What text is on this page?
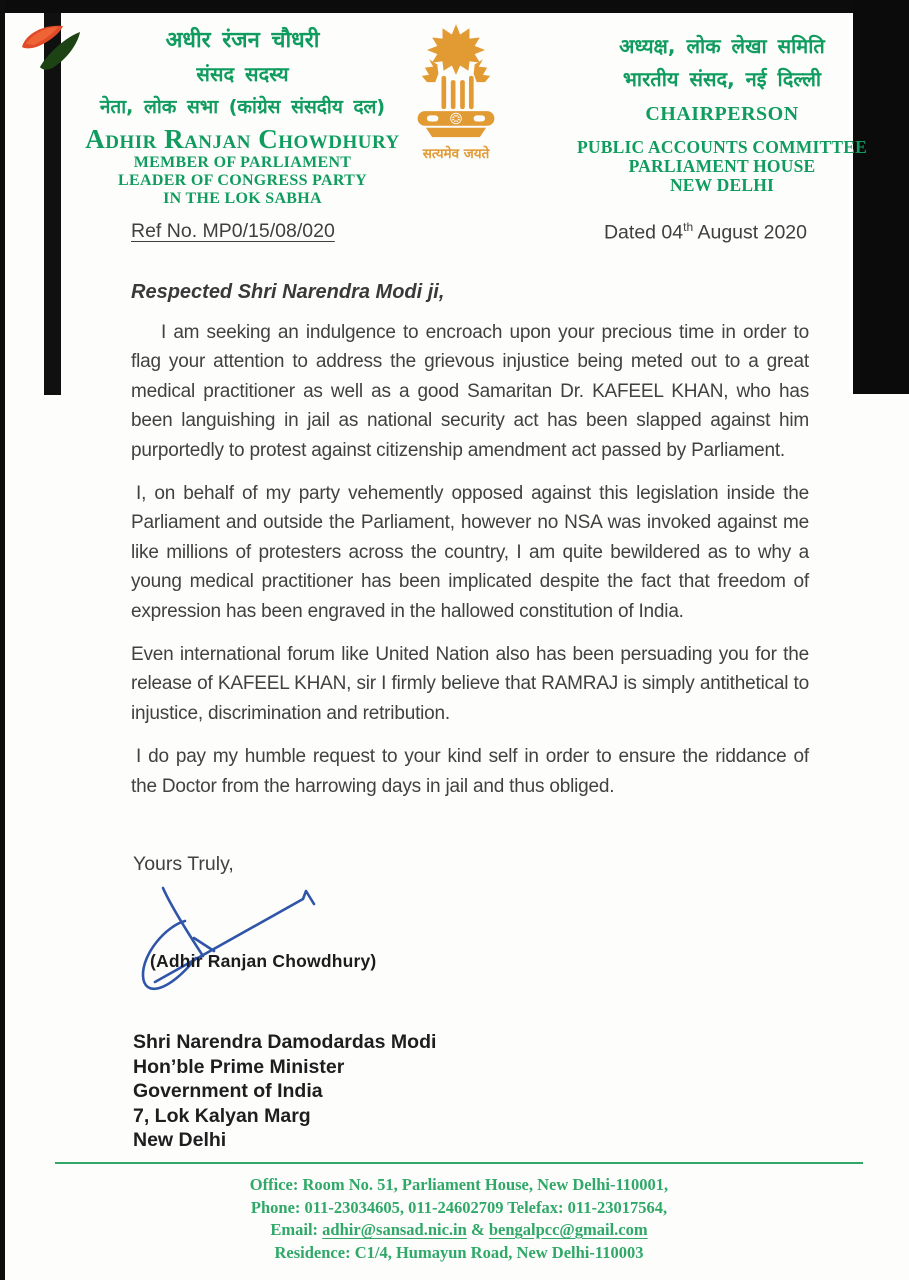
अधीर रंजन चौधरी
संसद सदस्य
नेता, लोक सभा (कांग्रेस संसदीय दल)
Adhir Ranjan Chowdhury
MEMBER OF PARLIAMENT
LEADER OF CONGRESS PARTY
IN THE LOK SABHA
सत्यमेव जयते
अध्यक्ष, लोक लेखा समिति
भारतीय संसद, नई दिल्ली
CHAIRPERSON
PUBLIC ACCOUNTS COMMITTEE
PARLIAMENT HOUSE
NEW DELHI
Ref No. MP0/15/08/020	Dated 04th August 2020
Respected Shri Narendra Modi ji,

I am seeking an indulgence to encroach upon your precious time in order to flag your attention to address the grievous injustice being meted out to a great medical practitioner as well as a good Samaritan Dr. KAFEEL KHAN, who has been languishing in jail as national security act has been slapped against him purportedly to protest against citizenship amendment act passed by Parliament.

I, on behalf of my party vehemently opposed against this legislation inside the Parliament and outside the Parliament, however no NSA was invoked against me like millions of protesters across the country, I am quite bewildered as to why a young medical practitioner has been implicated despite the fact that freedom of expression has been engraved in the hallowed constitution of India.

Even international forum like United Nation also has been persuading you for the release of KAFEEL KHAN, sir I firmly believe that RAMRAJ is simply antithetical to injustice, discrimination and retribution.

I do pay my humble request to your kind self in order to ensure the riddance of the Doctor from the harrowing days in jail and thus obliged.

Yours Truly,
(Adhir Ranjan Chowdhury)
Shri Narendra Damodardas Modi
Hon’ble Prime Minister
Government of India
7, Lok Kalyan Marg
New Delhi
Office: Room No. 51, Parliament House, New Delhi-110001,
Phone: 011-23034605, 011-24602709 Telefax: 011-23017564,
Email: adhir@sansad.nic.in & bengalpcc@gmail.com
Residence: C1/4, Humayun Road, New Delhi-110003
